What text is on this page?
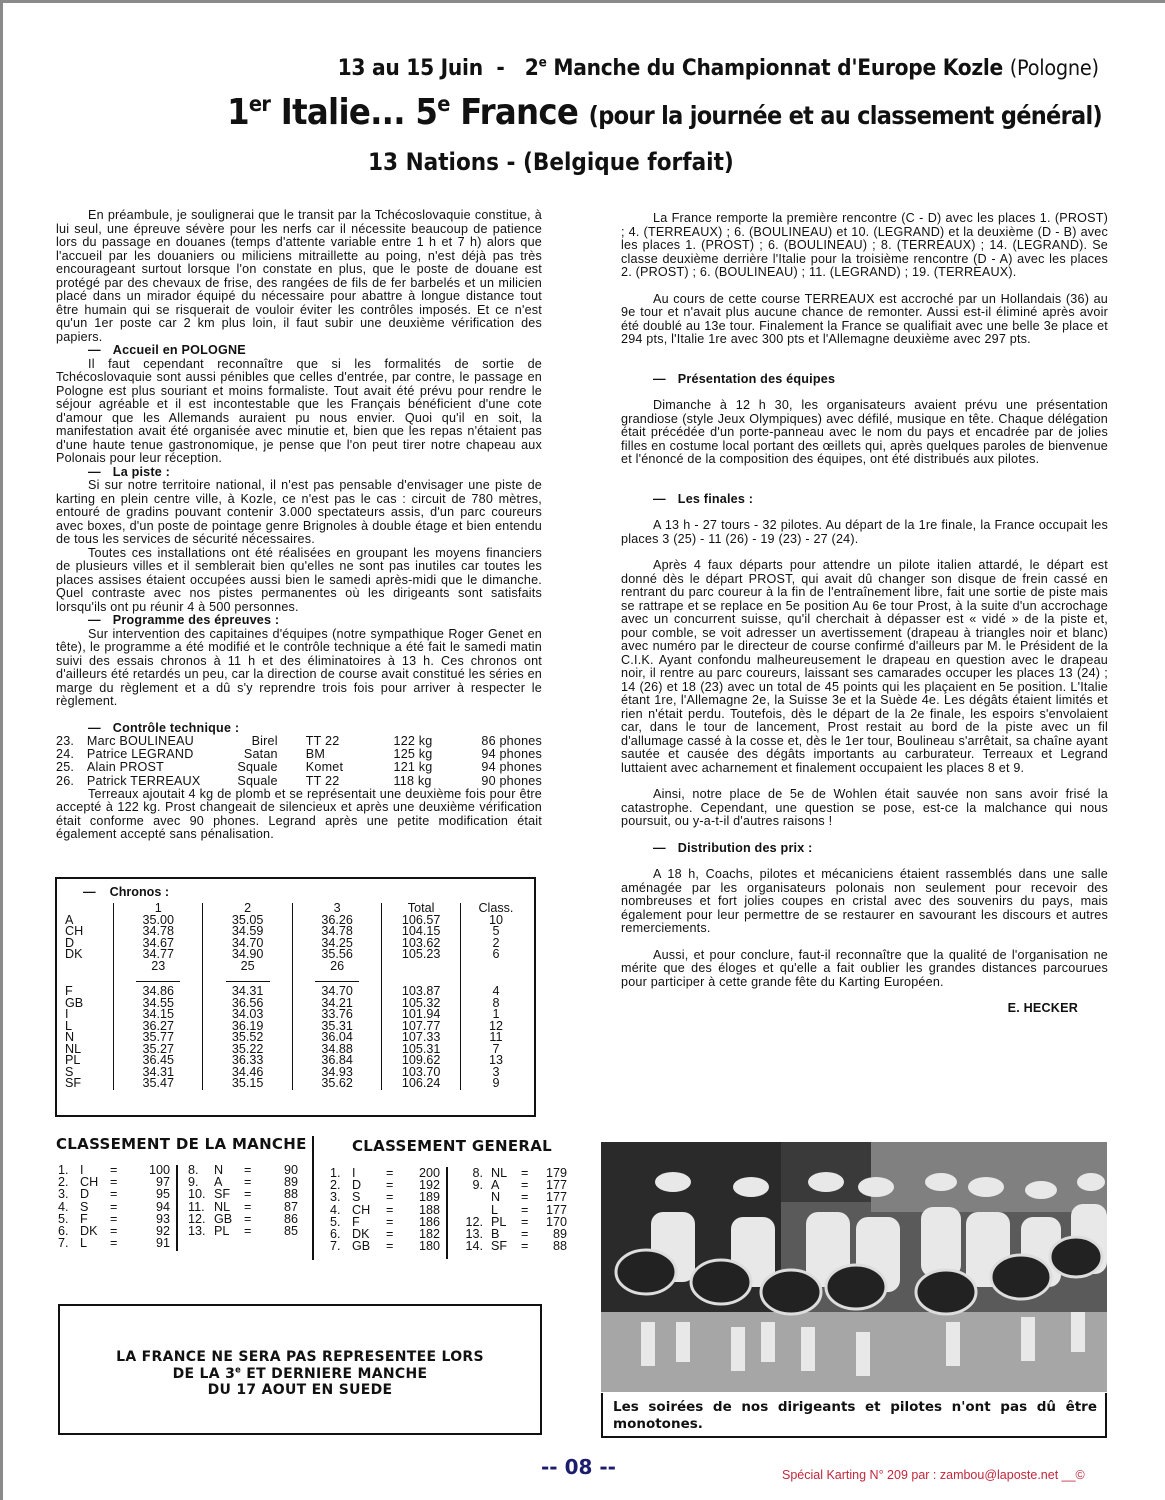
13 au 15 Juin - 2e Manche du Championnat d'Europe Kozle (Pologne)
1er Italie... 5e France (pour la journée et au classement général)
13 Nations - (Belgique forfait)

En préambule, je soulignerai que le transit par la Tchécoslovaquie constitue, à lui seul, une épreuve sévère pour les nerfs car il nécessite beaucoup de patience lors du passage en douanes (temps d'attente variable entre 1 h et 7 h) alors que l'accueil par les douaniers ou miliciens mitraillette au poing, n'est déjà pas très encourageant surtout lorsque l'on constate en plus, que le poste de douane est protégé par des chevaux de frise, des rangées de fils de fer barbelés et un milicien placé dans un mirador équipé du nécessaire pour abattre à longue distance tout être humain qui se risquerait de vouloir éviter les contrôles imposés. Et ce n'est qu'un 1er poste car 2 km plus loin, il faut subir une deuxième vérification des papiers.

— Accueil en POLOGNE

Il faut cependant reconnaître que si les formalités de sortie de Tchécoslovaquie sont aussi pénibles que celles d'entrée, par contre, le passage en Pologne est plus souriant et moins formaliste. Tout avait été prévu pour rendre le séjour agréable et il est incontestable que les Français bénéficient d'une cote d'amour que les Allemands auraient pu nous envier. Quoi qu'il en soit, la manifestation avait été organisée avec minutie et, bien que les repas n'étaient pas d'une haute tenue gastronomique, je pense que l'on peut tirer notre chapeau aux Polonais pour leur réception.

— La piste :

Si sur notre territoire national, il n'est pas pensable d'envisager une piste de karting en plein centre ville, à Kozle, ce n'est pas le cas : circuit de 780 mètres, entouré de gradins pouvant contenir 3.000 spectateurs assis, d'un parc coureurs avec boxes, d'un poste de pointage genre Brignoles à double étage et bien entendu de tous les services de sécurité nécessaires.

Toutes ces installations ont été réalisées en groupant les moyens financiers de plusieurs villes et il semblerait bien qu'elles ne sont pas inutiles car toutes les places assises étaient occupées aussi bien le samedi après-midi que le dimanche. Quel contraste avec nos pistes permanentes où les dirigeants sont satisfaits lorsqu'ils ont pu réunir 4 à 500 personnes.

— Programme des épreuves :

Sur intervention des capitaines d'équipes (notre sympathique Roger Genet en tête), le programme a été modifié et le contrôle technique a été fait le samedi matin suivi des essais chronos à 11 h et des éliminatoires à 13 h. Ces chronos ont d'ailleurs été retardés un peu, car la direction de course avait constitué les séries en marge du règlement et a dû s'y reprendre trois fois pour arriver à respecter le règlement.

— Contrôle technique :
23.	Marc BOULINEAU	Birel	TT 22	122 kg	86 phones
24.	Patrice LEGRAND	Satan	BM	125 kg	94 phones
25.	Alain PROST	Squale	Komet	121 kg	94 phones
26.	Patrick TERREAUX	Squale	TT 22	118 kg	90 phones

Terreaux ajoutait 4 kg de plomb et se représentait une deuxième fois pour être accepté à 122 kg. Prost changeait de silencieux et après une deuxième vérification était conforme avec 90 phones. Legrand après une petite modification était également accepté sans pénalisation.

— Chronos :
	1	2	3	Total	Class.
A	35.00	35.05	36.26	106.57	10
CH	34.78	34.59	34.78	104.15	5
D	34.67	34.70	34.25	103.62	2
DK	34.77	34.90	35.56	105.23	6
	23	25	26		

F	34.86	34.31	34.70	103.87	4
GB	34.55	36.56	34.21	105.32	8
I	34.15	34.03	33.76	101.94	1
L	36.27	36.19	35.31	107.77	12
N	35.77	35.52	36.04	107.33	11
NL	35.27	35.22	34.88	105.31	7
PL	36.45	36.33	36.84	109.62	13
S	34.31	34.46	34.93	103.70	3
SF	35.47	35.15	35.62	106.24	9
CLASSEMENT DE LA MANCHE
1.	I	=	100
2.	CH	=	97
3.	D	=	95
4.	S	=	94
5.	F	=	93
6.	DK	=	92
7.	L	=	91
8.	N	=	90
9.	A	=	89
10.	SF	=	88
11.	NL	=	87
12.	GB	=	86
13.	PL	=	85
CLASSEMENT GENERAL
1.	I	=	200
2.	D	=	192
3.	S	=	189
4.	CH	=	188
5.	F	=	186
6.	DK	=	182
7.	GB	=	180
8.	NL	=	179
9.	A	=	177
	N	=	177
	L	=	177
12.	PL	=	170
13.	B	=	89
14.	SF	=	88
LA FRANCE NE SERA PAS REPRESENTEE LORS
DE LA 3e ET DERNIERE MANCHE
DU 17 AOUT EN SUEDE

La France remporte la première rencontre (C - D) avec les places 1. (PROST) ; 4. (TERREAUX) ; 6. (BOULINEAU) et 10. (LEGRAND) et la deuxième (D - B) avec les places 1. (PROST) ; 6. (BOULINEAU) ; 8. (TERREAUX) ; 14. (LEGRAND). Se classe deuxième derrière l'Italie pour la troisième rencontre (D - A) avec les places 2. (PROST) ; 6. (BOULINEAU) ; 11. (LEGRAND) ; 19. (TERREAUX).

Au cours de cette course TERREAUX est accroché par un Hollandais (36) au 9e tour et n'avait plus aucune chance de remonter. Aussi est-il éliminé après avoir été doublé au 13e tour. Finalement la France se qualifiait avec une belle 3e place et 294 pts, l'Italie 1re avec 300 pts et l'Allemagne deuxième avec 297 pts.

— Présentation des équipes

Dimanche à 12 h 30, les organisateurs avaient prévu une présentation grandiose (style Jeux Olympiques) avec défilé, musique en tête. Chaque délégation était précédée d'un porte-panneau avec le nom du pays et encadrée par de jolies filles en costume local portant des œillets qui, après quelques paroles de bienvenue et l'énoncé de la composition des équipes, ont été distribués aux pilotes.

— Les finales :

A 13 h - 27 tours - 32 pilotes. Au départ de la 1re finale, la France occupait les places 3 (25) - 11 (26) - 19 (23) - 27 (24).

Après 4 faux départs pour attendre un pilote italien attardé, le départ est donné dès le départ PROST, qui avait dû changer son disque de frein cassé en rentrant du parc coureur à la fin de l'entraînement libre, fait une sortie de piste mais se rattrape et se replace en 5e position Au 6e tour Prost, à la suite d'un accrochage avec un concurrent suisse, qu'il cherchait à dépasser est « vidé » de la piste et, pour comble, se voit adresser un avertissement (drapeau à triangles noir et blanc) avec numéro par le directeur de course confirmé d'ailleurs par M. le Président de la C.I.K. Ayant confondu malheureusement le drapeau en question avec le drapeau noir, il rentre au parc coureurs, laissant ses camarades occuper les places 13 (24) ; 14 (26) et 18 (23) avec un total de 45 points qui les plaçaient en 5e position. L'Italie étant 1re, l'Allemagne 2e, la Suisse 3e et la Suède 4e. Les dégâts étaient limités et rien n'était perdu. Toutefois, dès le départ de la 2e finale, les espoirs s'envolaient car, dans le tour de lancement, Prost restait au bord de la piste avec un fil d'allumage cassé à la cosse et, dès le 1er tour, Boulineau s'arrêtait, sa chaîne ayant sautée et causée des dégâts importants au carburateur. Terreaux et Legrand luttaient avec acharnement et finalement occupaient les places 8 et 9.

Ainsi, notre place de 5e de Wohlen était sauvée non sans avoir frisé la catastrophe. Cependant, une question se pose, est-ce la malchance qui nous poursuit, ou y-a-t-il d'autres raisons !

— Distribution des prix :

A 18 h, Coachs, pilotes et mécaniciens étaient rassemblés dans une salle aménagée par les organisateurs polonais non seulement pour recevoir des nombreuses et fort jolies coupes en cristal avec des souvenirs du pays, mais également pour leur permettre de se restaurer en savourant les discours et autres remerciements.

Aussi, et pour conclure, faut-il reconnaître que la qualité de l'organisation ne mérite que des éloges et qu'elle a fait oublier les grandes distances parcourues pour participer à cette grande fête du Karting Européen.

E. HECKER
Les soirées de nos dirigeants et pilotes n'ont pas dû être monotones.
-- 08 --	Spécial Karting N° 209 par : zambou@laposte.net __©
